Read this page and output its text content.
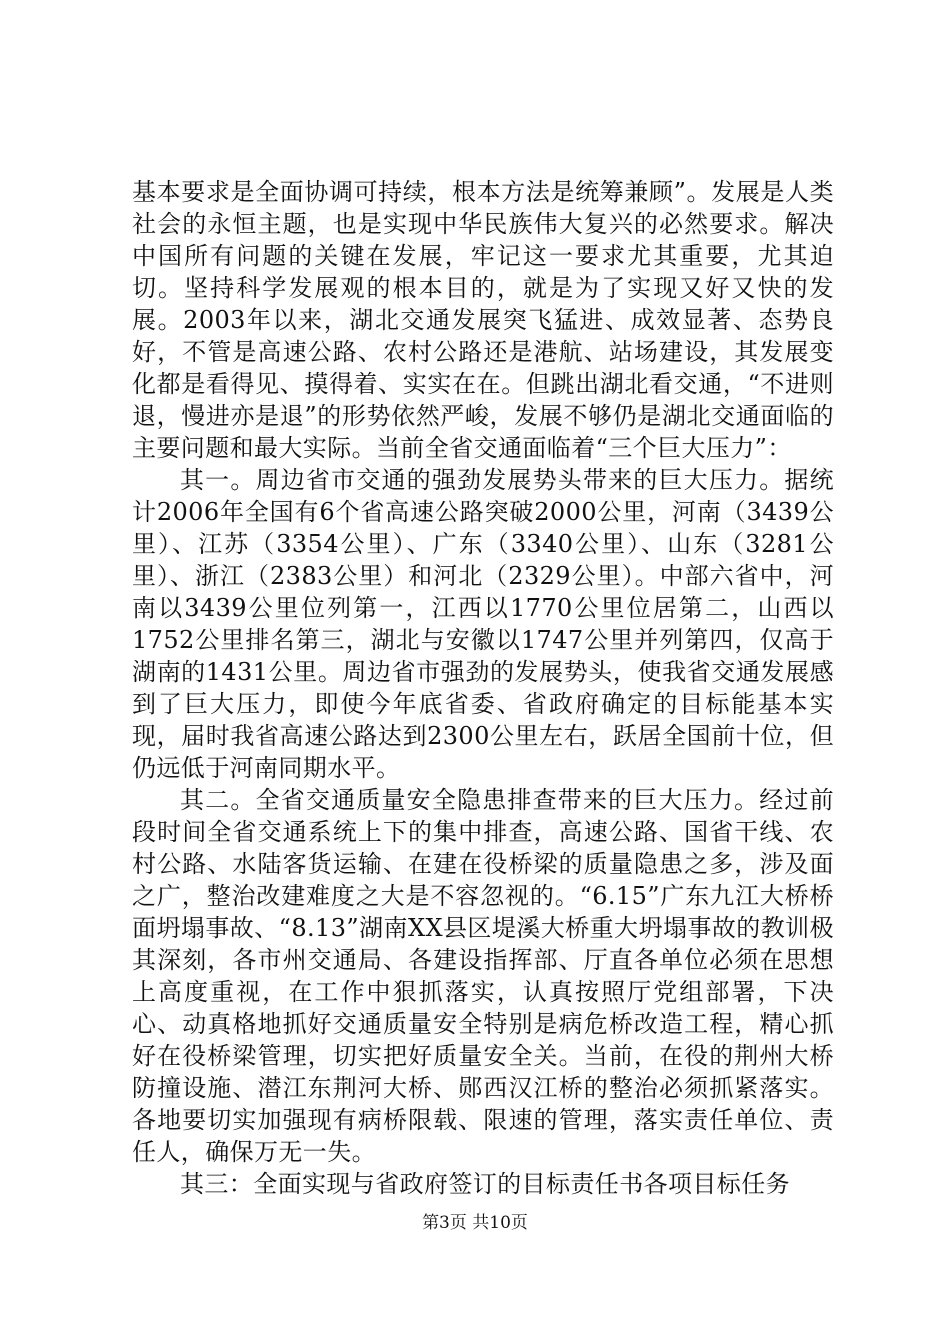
基本要求是全面协调可持续，根本方法是统筹兼顾”。发展是人类社会的永恒主题，也是实现中华民族伟大复兴的必然要求。解决中国所有问题的关键在发展，牢记这一要求尤其重要，尤其迫切。坚持科学发展观的根本目的，就是为了实现又好又快的发展。2003年以来，湖北交通发展突飞猛进、成效显著、态势良好，不管是高速公路、农村公路还是港航、站场建设，其发展变化都是看得见、摸得着、实实在在。但跳出湖北看交通，“不进则退，慢进亦是退”的形势依然严峻，发展不够仍是湖北交通面临的主要问题和最大实际。当前全省交通面临着“三个巨大压力”：

其一。周边省市交通的强劲发展势头带来的巨大压力。据统计2006年全国有6个省高速公路突破2000公里，河南（3439公里）、江苏（3354公里）、广东（3340公里）、山东（3281公里）、浙江（2383公里）和河北（2329公里）。中部六省中，河南以3439公里位列第一，江西以1770公里位居第二，山西以1752公里排名第三，湖北与安徽以1747公里并列第四，仅高于湖南的1431公里。周边省市强劲的发展势头，使我省交通发展感到了巨大压力，即使今年底省委、省政府确定的目标能基本实现，届时我省高速公路达到2300公里左右，跃居全国前十位，但仍远低于河南同期水平。

其二。全省交通质量安全隐患排查带来的巨大压力。经过前段时间全省交通系统上下的集中排查，高速公路、国省干线、农村公路、水陆客货运输、在建在役桥梁的质量隐患之多，涉及面之广，整治改建难度之大是不容忽视的。“6.15”广东九江大桥桥面坍塌事故、“8.13”湖南XX县区堤溪大桥重大坍塌事故的教训极其深刻，各市州交通局、各建设指挥部、厅直各单位必须在思想上高度重视，在工作中狠抓落实，认真按照厅党组部署，下决心、动真格地抓好交通质量安全特别是病危桥改造工程，精心抓好在役桥梁管理，切实把好质量安全关。当前，在役的荆州大桥防撞设施、潜江东荆河大桥、郧西汉江桥的整治必须抓紧落实。各地要切实加强现有病桥限载、限速的管理，落实责任单位、责任人，确保万无一失。

其三：全面实现与省政府签订的目标责任书各项目标任务

第3页 共10页
